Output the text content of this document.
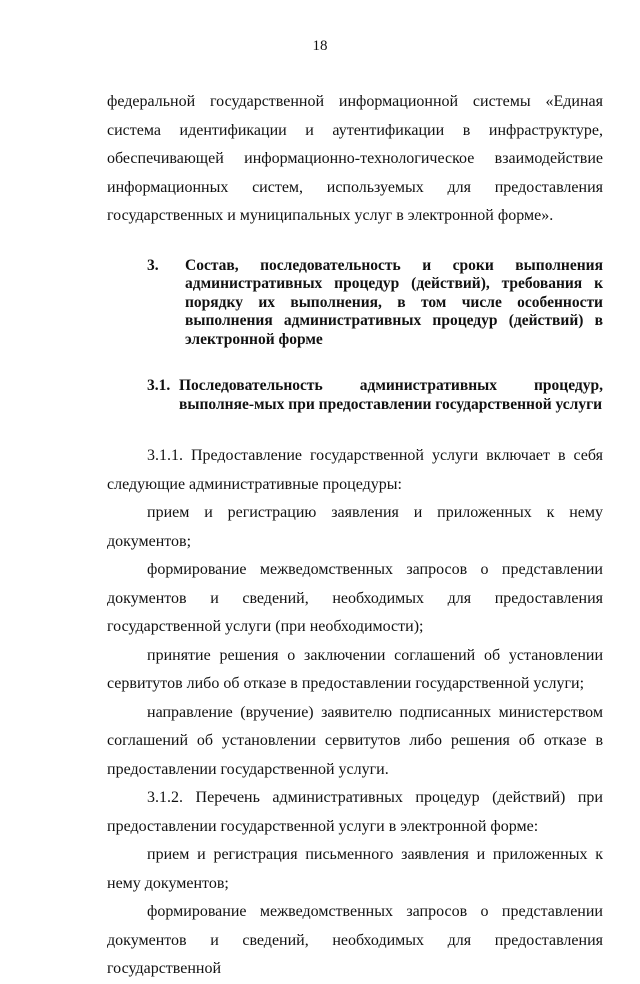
18

федеральной государственной информационной системы «Единая система идентификации и аутентификации в инфраструктуре, обеспечивающей информационно-технологическое взаимодействие информационных систем, используемых для предоставления государственных и муниципальных услуг в электронной форме».

3.	Состав, последовательность и сроки выполнения административных процедур (действий), требования к порядку их выполнения, в том числе особенности выполнения административных процедур (действий) в электронной форме
3.1. Последовательность административных процедур, выполняе-мых при предоставлении государственной услуги

3.1.1. Предоставление государственной услуги включает в себя следующие административные процедуры:

прием и регистрацию заявления и приложенных к нему документов;

формирование межведомственных запросов о представлении документов и сведений, необходимых для предоставления государственной услуги (при необходимости);

принятие решения о заключении соглашений об установлении сервитутов либо об отказе в предоставлении государственной услуги;

направление (вручение) заявителю подписанных министерством соглашений об установлении сервитутов либо решения об отказе в предоставлении государственной услуги.

3.1.2. Перечень административных процедур (действий) при предоставлении государственной услуги в электронной форме:

прием и регистрация письменного заявления и приложенных к нему документов;

формирование межведомственных запросов о представлении документов и сведений, необходимых для предоставления государственной
